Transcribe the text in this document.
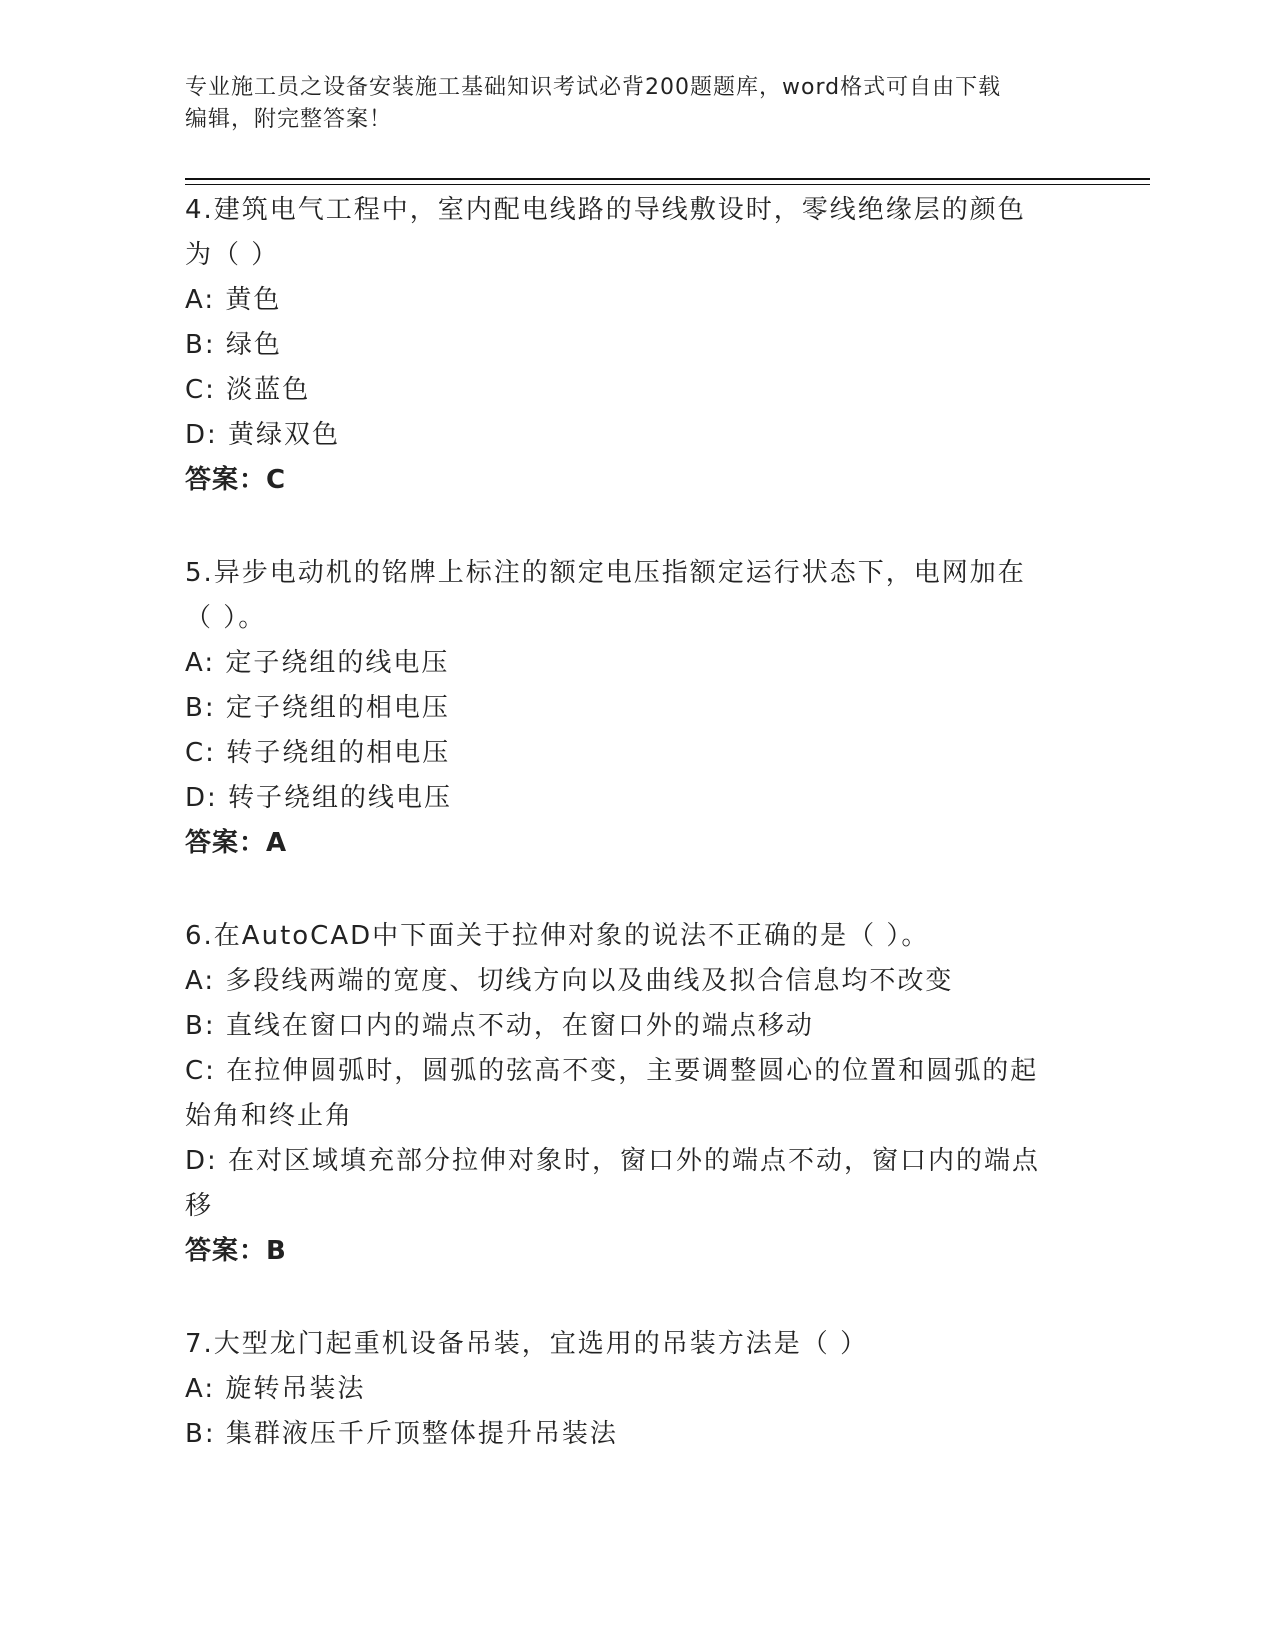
专业施工员之设备安装施工基础知识考试必背200题题库，word格式可自由下载
编辑，附完整答案！
4.建筑电气工程中，室内配电线路的导线敷设时，零线绝缘层的颜色
为（ ）
A: 黄色
B: 绿色
C: 淡蓝色
D: 黄绿双色
答案：C
5.异步电动机的铭牌上标注的额定电压指额定运行状态下，电网加在
（ ）。
A: 定子绕组的线电压
B: 定子绕组的相电压
C: 转子绕组的相电压
D: 转子绕组的线电压
答案：A
6.在AutoCAD中下面关于拉伸对象的说法不正确的是（ ）。
A: 多段线两端的宽度、切线方向以及曲线及拟合信息均不改变
B: 直线在窗口内的端点不动，在窗口外的端点移动
C: 在拉伸圆弧时，圆弧的弦高不变，主要调整圆心的位置和圆弧的起
始角和终止角
D: 在对区域填充部分拉伸对象时，窗口外的端点不动，窗口内的端点
移
答案：B
7.大型龙门起重机设备吊装，宜选用的吊装方法是（ ）
A: 旋转吊装法
B: 集群液压千斤顶整体提升吊装法
